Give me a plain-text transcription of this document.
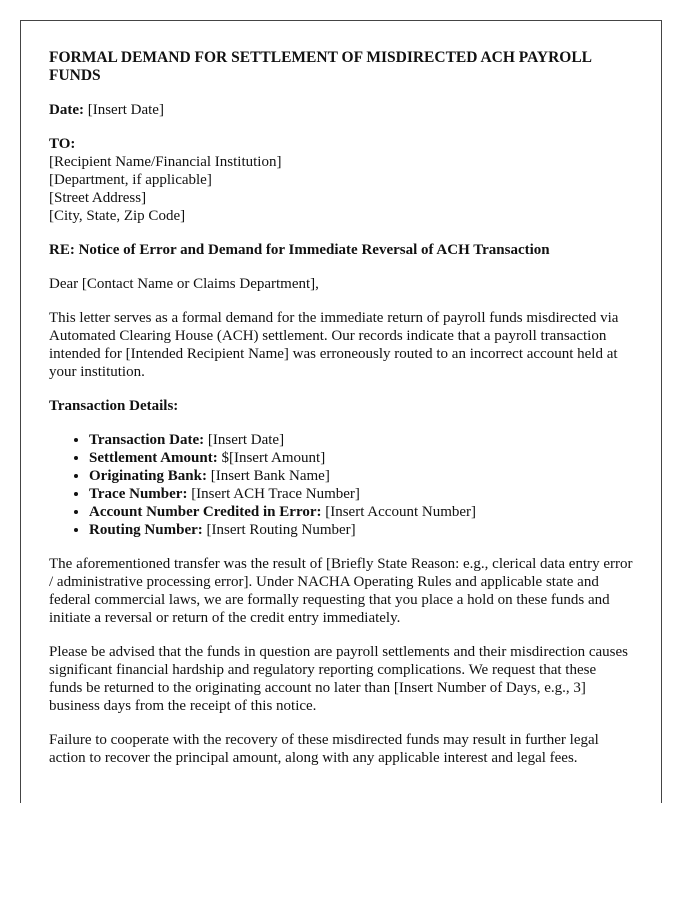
FORMAL DEMAND FOR SETTLEMENT OF MISDIRECTED ACH PAYROLL FUNDS

Date: [Insert Date]

TO:
[Recipient Name/Financial Institution]
[Department, if applicable]
[Street Address]
[City, State, Zip Code]

RE: Notice of Error and Demand for Immediate Reversal of ACH Transaction

Dear [Contact Name or Claims Department],

This letter serves as a formal demand for the immediate return of payroll funds misdirected via Automated Clearing House (ACH) settlement. Our records indicate that a payroll transaction intended for [Intended Recipient Name] was erroneously routed to an incorrect account held at your institution.

Transaction Details:

• Transaction Date: [Insert Date]
• Settlement Amount: $[Insert Amount]
• Originating Bank: [Insert Bank Name]
• Trace Number: [Insert ACH Trace Number]
• Account Number Credited in Error: [Insert Account Number]
• Routing Number: [Insert Routing Number]

The aforementioned transfer was the result of [Briefly State Reason: e.g., clerical data entry error / administrative processing error]. Under NACHA Operating Rules and applicable state and federal commercial laws, we are formally requesting that you place a hold on these funds and initiate a reversal or return of the credit entry immediately.

Please be advised that the funds in question are payroll settlements and their misdirection causes significant financial hardship and regulatory reporting complications. We request that these funds be returned to the originating account no later than [Insert Number of Days, e.g., 3] business days from the receipt of this notice.

Failure to cooperate with the recovery of these misdirected funds may result in further legal action to recover the principal amount, along with any applicable interest and legal fees.
